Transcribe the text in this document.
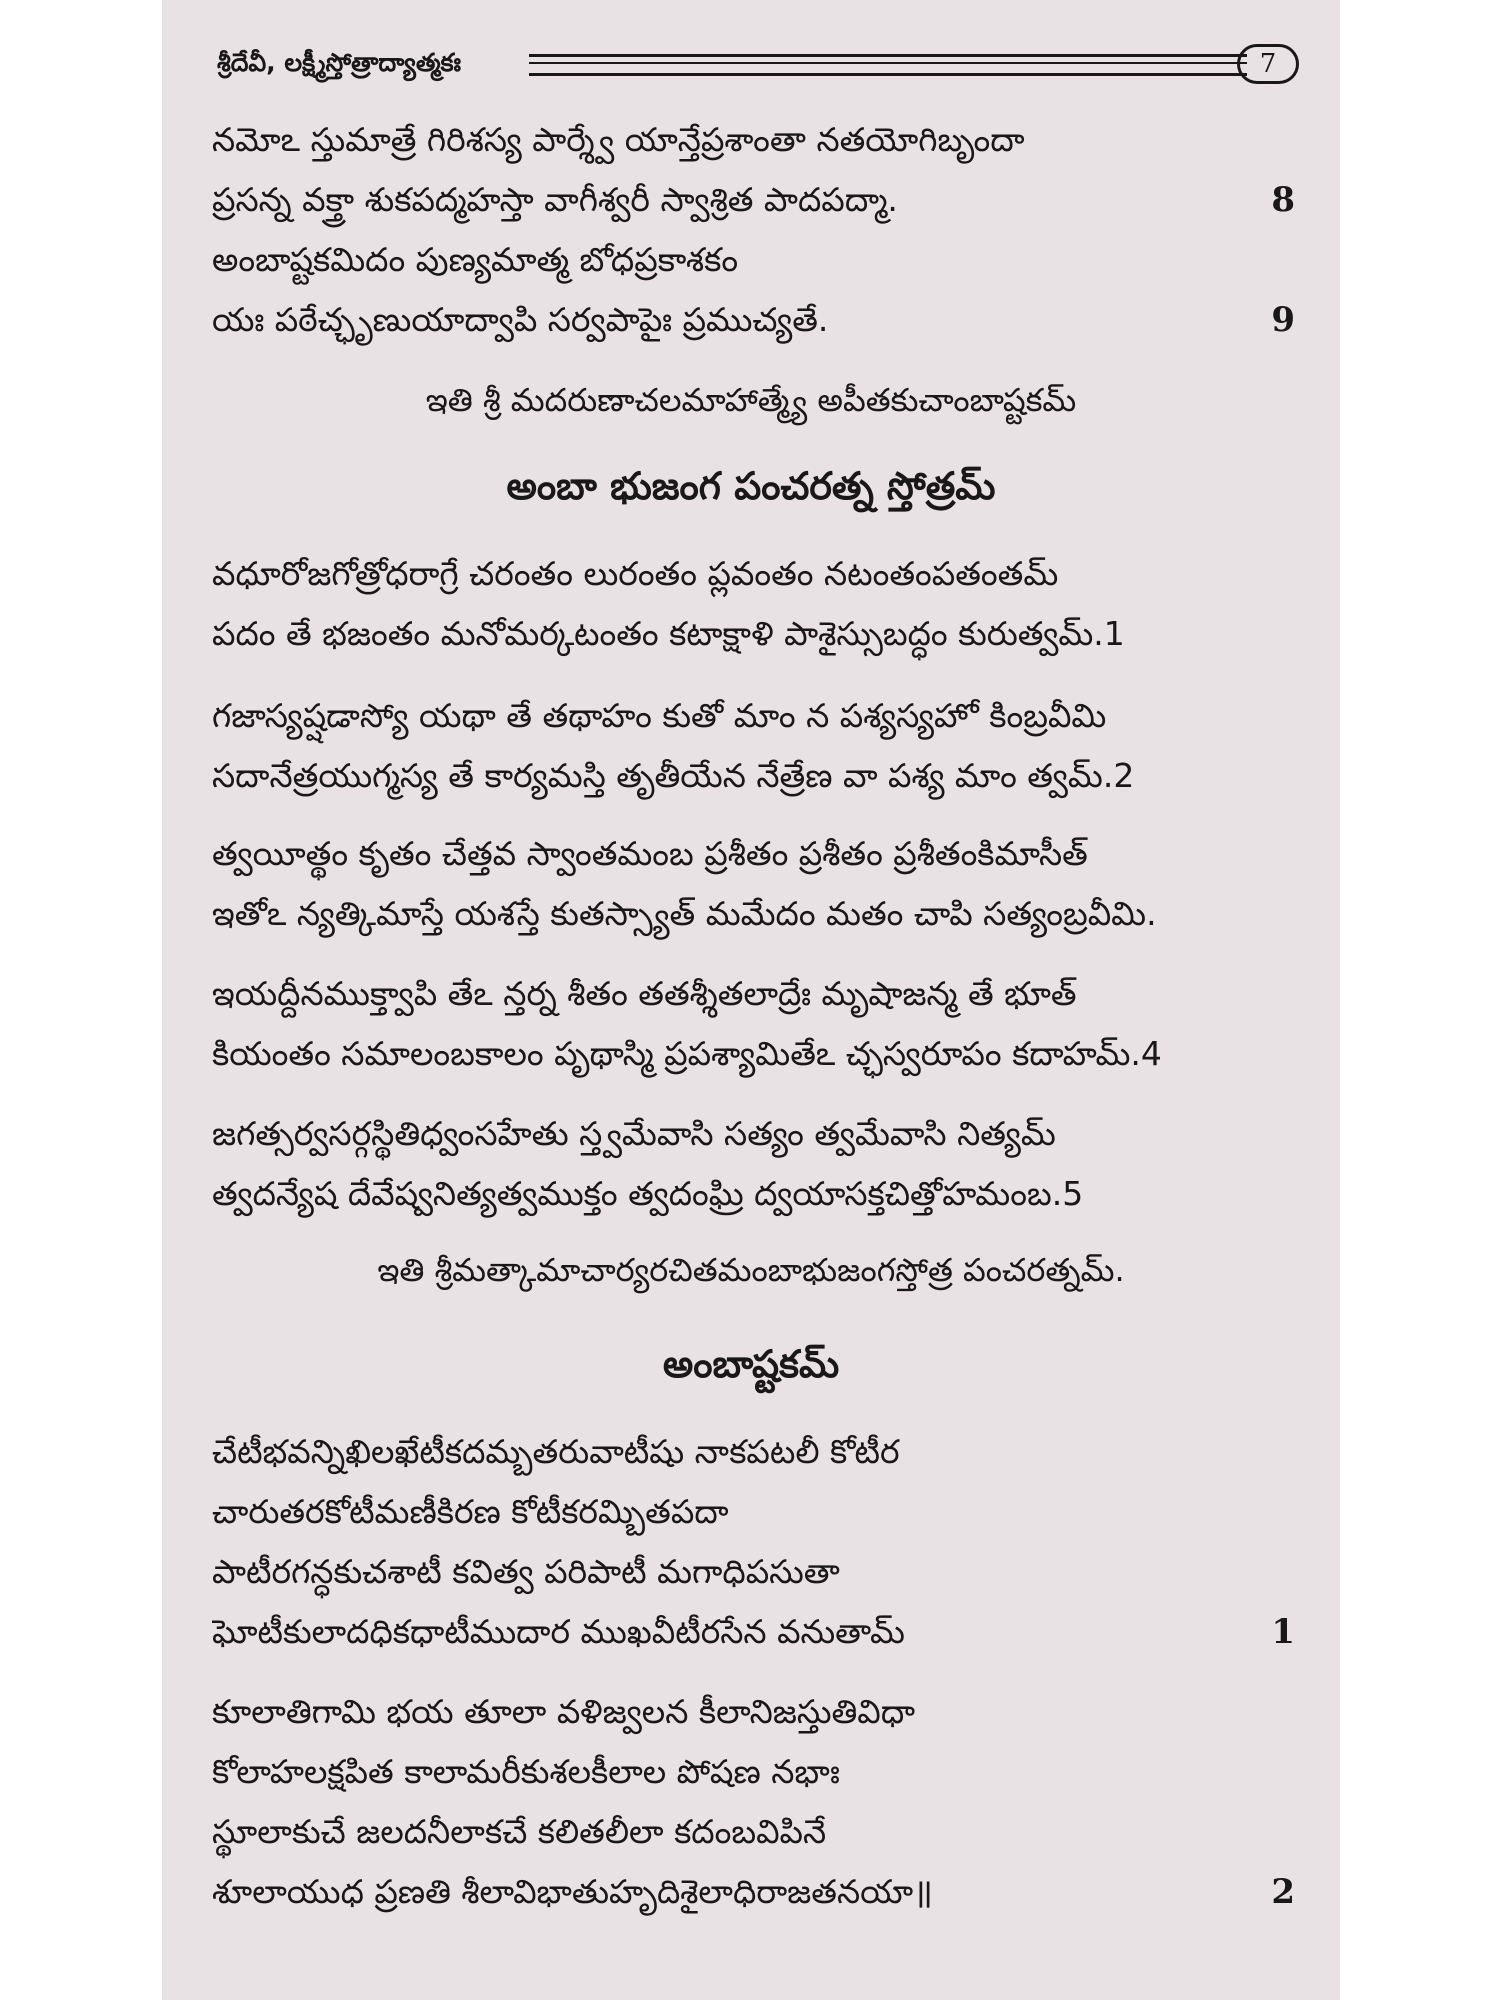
శ్రీదేవీ, లక్ష్మీస్తోత్రాద్యాత్మకః	7
నమోఽ స్తుమాత్రే గిరిశస్య పార్శ్వే యాన్తేప్రశాంతా నతయోగిబృందా
ప్రసన్న వక్త్రా శుకపద్మహస్తా వాగీశ్వరీ స్వాశ్రిత పాదపద్మా.	8
అంబాష్టకమిదం పుణ్యమాత్మ బోధప్రకాశకం
యః పఠేచ్ఛృణుయాద్వాపి సర్వపాపైః ప్రముచ్యతే.	9
ఇతి శ్రీ మదరుణాచలమాహాత్మ్యే అపీతకుచాంబాష్టకమ్
అంబా భుజంగ పంచరత్న స్తోత్రమ్
వధూరోజగోత్రోధరాగ్రే చరంతం లురంతం ప్లవంతం నటంతంపతంతమ్
పదం తే భజంతం మనోమర్కటంతం కటాక్షాళి పాశైస్సుబద్ధం కురుత్వమ్.1
గజాస్యష్షడాస్యో యథా తే తథాహం కుతో మాం న పశ్యస్యహో కింబ్రవీమి
సదానేత్రయుగ్మస్య తే కార్యమస్తి తృతీయేన నేత్రేణ వా పశ్య మాం త్వమ్.2
త్వయీత్థం కృతం చేత్తవ స్వాంతమంబ ప్రశీతం ప్రశీతం ప్రశీతంకిమాసీత్
ఇతోఽ న్యత్కిమాస్తే యశస్తే కుతస్స్యాత్ మమేదం మతం చాపి సత్యంబ్రవీమి.
ఇయద్దీనముక్త్వాపి తేఽ న్తర్న శీతం తతశ్శీతలాద్రేః మృషాజన్మ తే భూత్
కియంతం సమాలంబకాలం పృథాస్మి ప్రపశ్యామితేఽ చ్ఛస్వరూపం కదాహమ్.4
జగత్సర్వసర్గస్థితిధ్వంసహేతు స్త్వమేవాసి సత్యం త్వమేవాసి నిత్యమ్
త్వదన్యేష దేవేష్వనిత్యత్వముక్తం త్వదంఘ్రి ద్వయాసక్తచిత్తోహమంబ.5
ఇతి శ్రీమత్కామాచార్యరచితమంబాభుజంగస్తోత్ర పంచరత్నమ్.
అంబాష్టకమ్
చేటీభవన్నిఖిలఖేటీకదమ్బతరువాటీషు నాకపటలీ కోటీర
చారుతరకోటీమణీకిరణ కోటీకరమ్బితపదా
పాటీరగన్ధకుచశాటీ కవిత్వ పరిపాటీ మగాధిపసుతా
ఘోటీకులాదధికధాటీముదార ముఖవీటీరసేన వనుతామ్	1
కూలాతిగామి భయ తూలా వళిజ్వలన కీలానిజస్తుతివిధా
కోలాహలక్షపిత కాలామరీకుశలకీలాల పోషణ నభాః
స్థూలాకుచే జలదనీలాకచే కలితలీలా కదంబవిపినే
శూలాయుధ ప్రణతి శీలావిభాతుహృదిశైలాధిరాజతనయా॥	2
